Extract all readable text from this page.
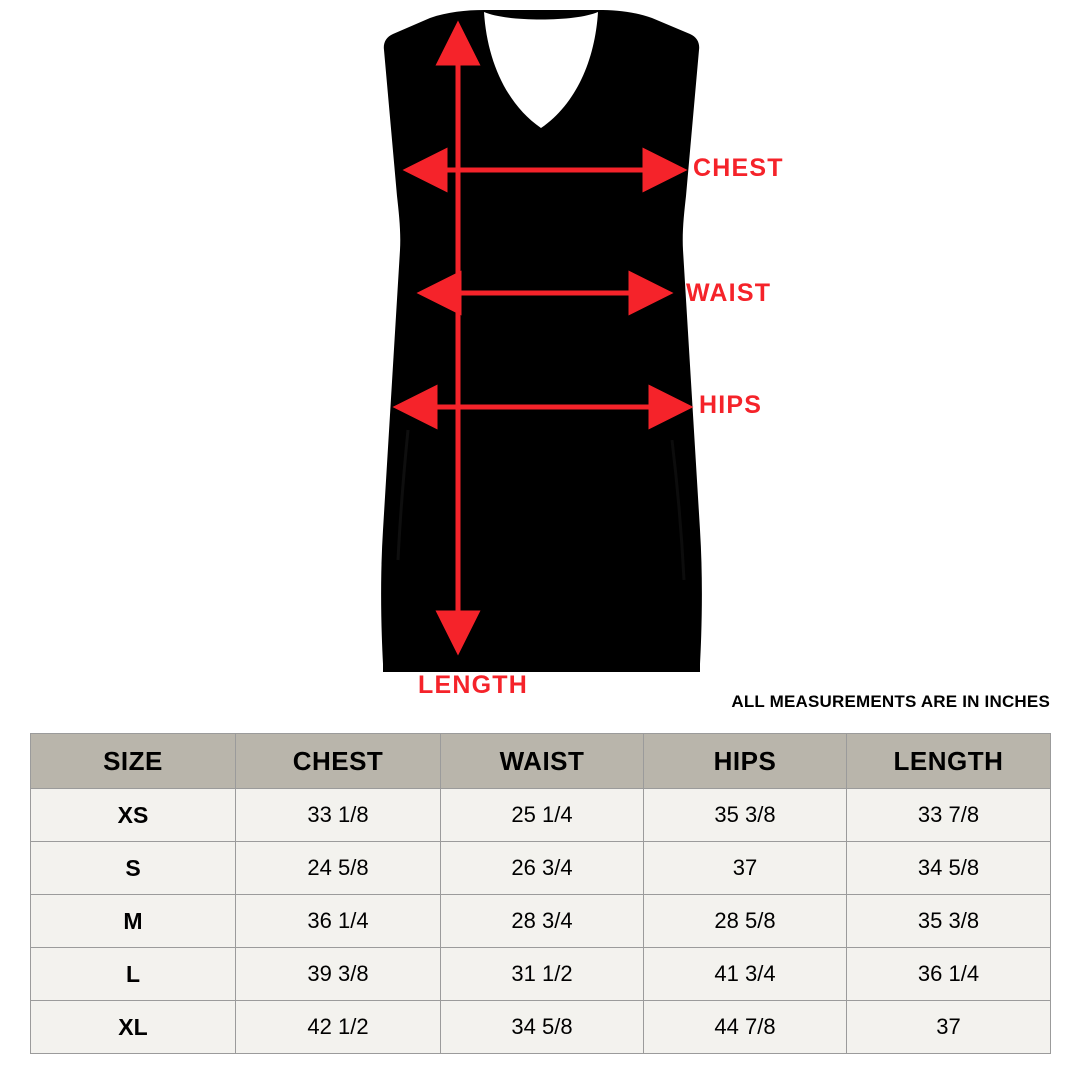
CHEST
WAIST
HIPS
LENGTH
ALL MEASUREMENTS ARE IN INCHES
SIZE	CHEST	WAIST	HIPS	LENGTH
XS	33 1/8	25 1/4	35 3/8	33 7/8
S	24 5/8	26 3/4	37	34 5/8
M	36 1/4	28 3/4	28 5/8	35 3/8
L	39 3/8	31 1/2	41 3/4	36 1/4
XL	42 1/2	34 5/8	44 7/8	37
